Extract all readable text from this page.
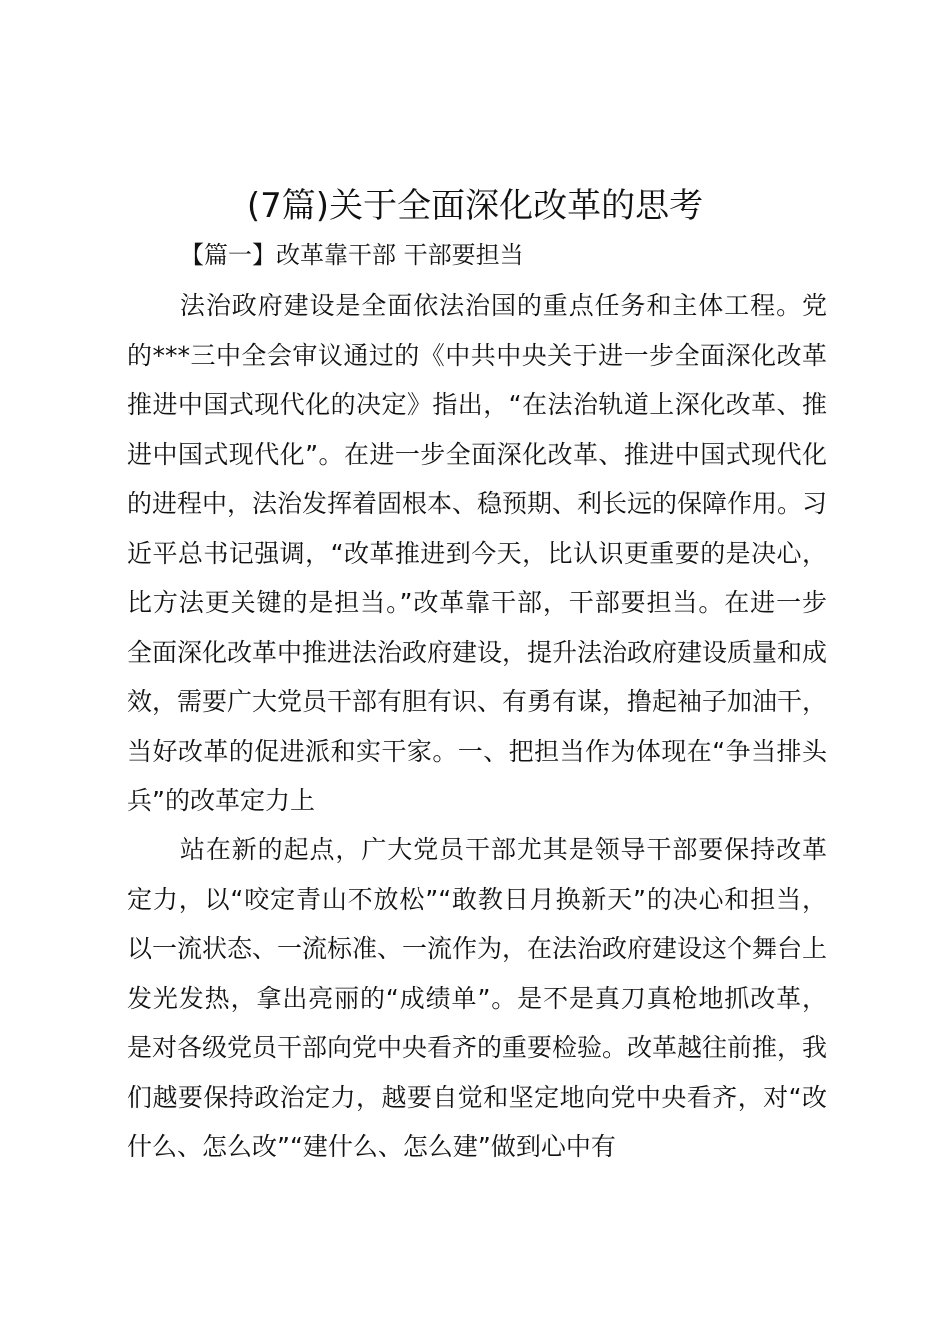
(7篇)关于全面深化改革的思考
【篇一】改革靠干部 干部要担当
法治政府建设是全面依法治国的重点任务和主体工程。党的***三中全会审议通过的《中共中央关于进一步全面深化改革推进中国式现代化的决定》指出，“在法治轨道上深化改革、推进中国式现代化”。在进一步全面深化改革、推进中国式现代化的进程中，法治发挥着固根本、稳预期、利长远的保障作用。习近平总书记强调，“改革推进到今天，比认识更重要的是决心，比方法更关键的是担当。”改革靠干部，干部要担当。在进一步全面深化改革中推进法治政府建设，提升法治政府建设质量和成效，需要广大党员干部有胆有识、有勇有谋，撸起袖子加油干，当好改革的促进派和实干家。一、把担当作为体现在“争当排头兵”的改革定力上
站在新的起点，广大党员干部尤其是领导干部要保持改革定力，以“咬定青山不放松”“敢教日月换新天”的决心和担当，以一流状态、一流标准、一流作为，在法治政府建设这个舞台上发光发热，拿出亮丽的“成绩单”。是不是真刀真枪地抓改革，是对各级党员干部向党中央看齐的重要检验。改革越往前推，我们越要保持政治定力，越要自觉和坚定地向党中央看齐，对“改什么、怎么改”“建什么、怎么建”做到心中有
